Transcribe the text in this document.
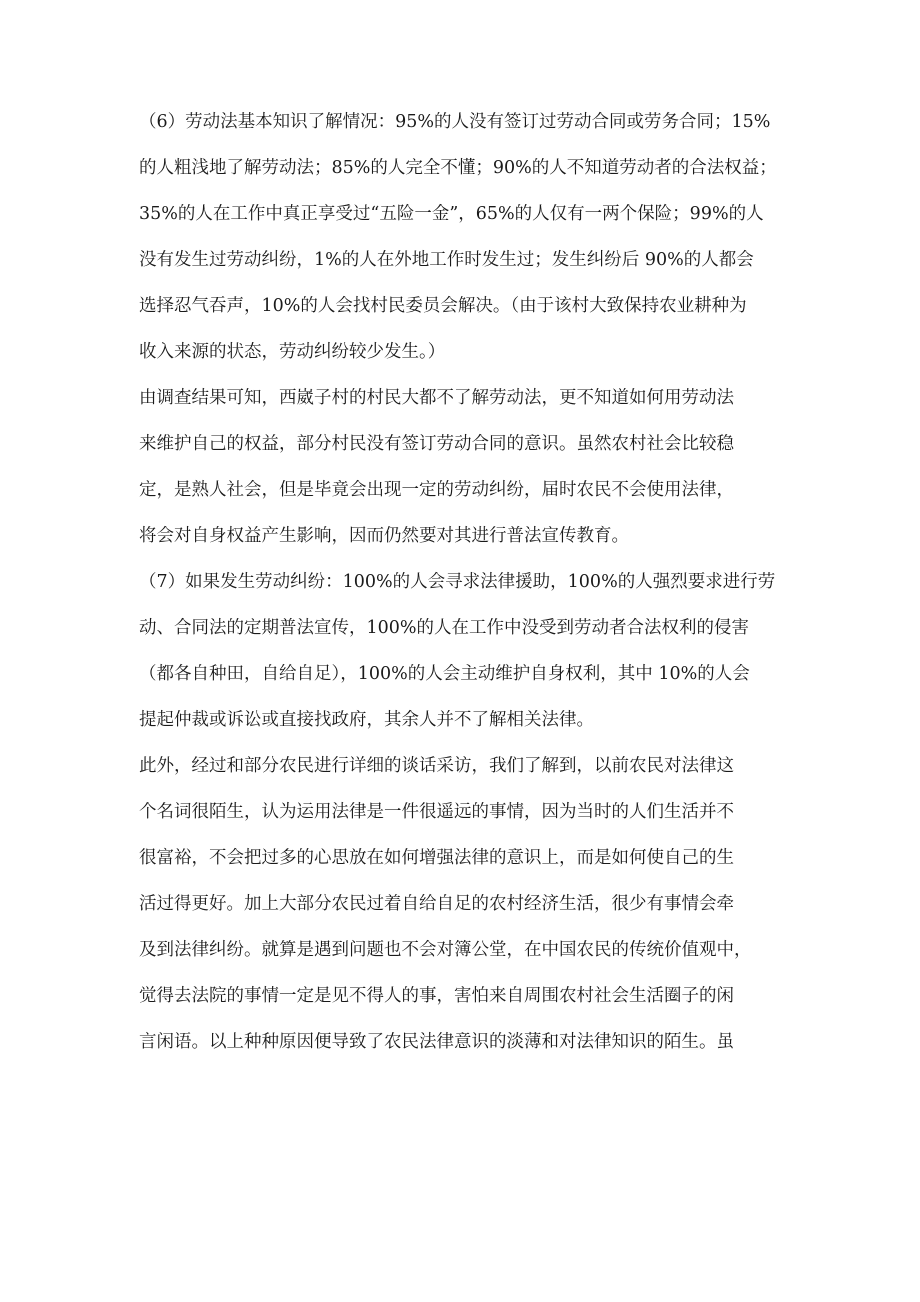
（6）劳动法基本知识了解情况：95%的人没有签订过劳动合同或劳务合同；15%
的人粗浅地了解劳动法；85%的人完全不懂；90%的人不知道劳动者的合法权益；
35%的人在工作中真正享受过“五险一金”，65%的人仅有一两个保险；99%的人
没有发生过劳动纠纷，1%的人在外地工作时发生过；发生纠纷后 90%的人都会
选择忍气吞声，10%的人会找村民委员会解决。（由于该村大致保持农业耕种为
收入来源的状态，劳动纠纷较少发生。）
由调查结果可知，西崴子村的村民大都不了解劳动法，更不知道如何用劳动法
来维护自己的权益，部分村民没有签订劳动合同的意识。虽然农村社会比较稳
定，是熟人社会，但是毕竟会出现一定的劳动纠纷，届时农民不会使用法律，
将会对自身权益产生影响，因而仍然要对其进行普法宣传教育。
（7）如果发生劳动纠纷：100%的人会寻求法律援助，100%的人强烈要求进行劳
动、合同法的定期普法宣传，100%的人在工作中没受到劳动者合法权利的侵害
（都各自种田，自给自足），100%的人会主动维护自身权利，其中 10%的人会
提起仲裁或诉讼或直接找政府，其余人并不了解相关法律。
此外，经过和部分农民进行详细的谈话采访，我们了解到，以前农民对法律这
个名词很陌生，认为运用法律是一件很遥远的事情，因为当时的人们生活并不
很富裕，不会把过多的心思放在如何增强法律的意识上，而是如何使自己的生
活过得更好。加上大部分农民过着自给自足的农村经济生活，很少有事情会牵
及到法律纠纷。就算是遇到问题也不会对簿公堂，在中国农民的传统价值观中，
觉得去法院的事情一定是见不得人的事，害怕来自周围农村社会生活圈子的闲
言闲语。以上种种原因便导致了农民法律意识的淡薄和对法律知识的陌生。虽
